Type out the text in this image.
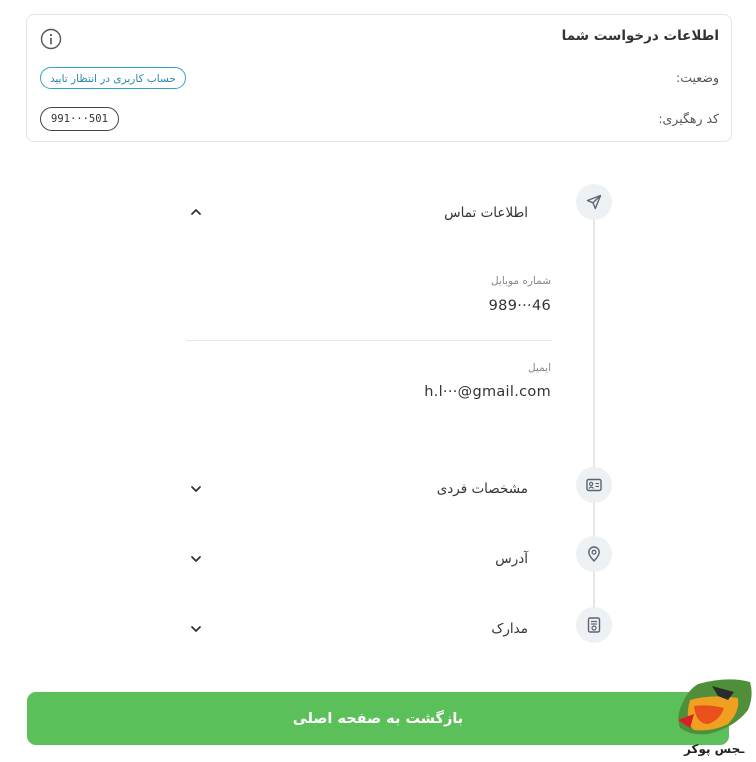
اطلاعات درخواست شما
وضعیت:
حساب کاربری در انتظار تایید
کد رهگیری:
991···501
اطلاعات تماس
شماره موبایل
989···46
ایمیل
h.l···@gmail.com
مشخصات فردی
آدرس
مدارک
بازگشت به صفحه اصلی
ـجس پوکر
